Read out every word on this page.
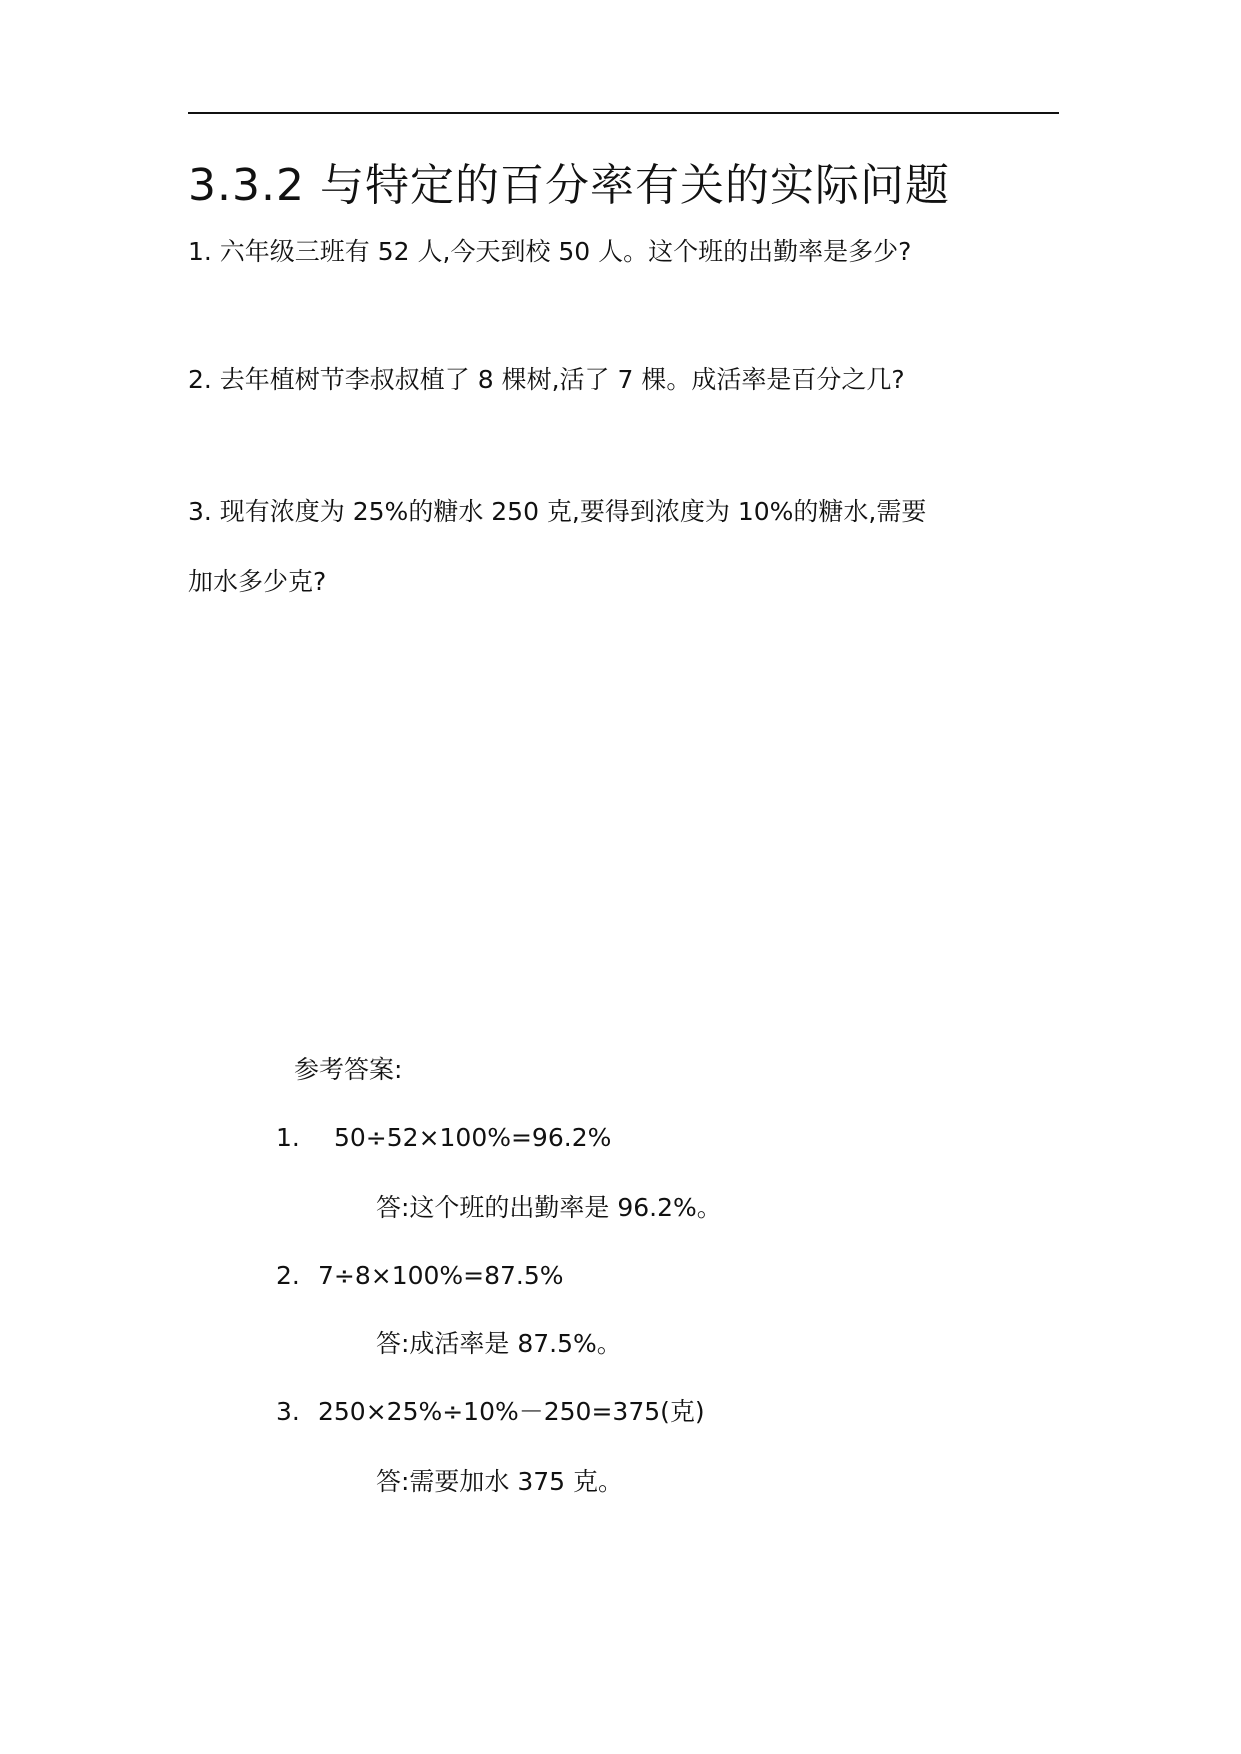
3.3.2 与特定的百分率有关的实际问题
1. 六年级三班有 52 人,今天到校 50 人。这个班的出勤率是多少?
2. 去年植树节李叔叔植了 8 棵树,活了 7 棵。成活率是百分之几?
3. 现有浓度为 25%的糖水 250 克,要得到浓度为 10%的糖水,需要
加水多少克?
参考答案:
1. 50÷52×100%=96.2%
答:这个班的出勤率是 96.2%。
2. 7÷8×100%=87.5%
答:成活率是 87.5%。
3. 250×25%÷10%－250=375(克)
答:需要加水 375 克。
